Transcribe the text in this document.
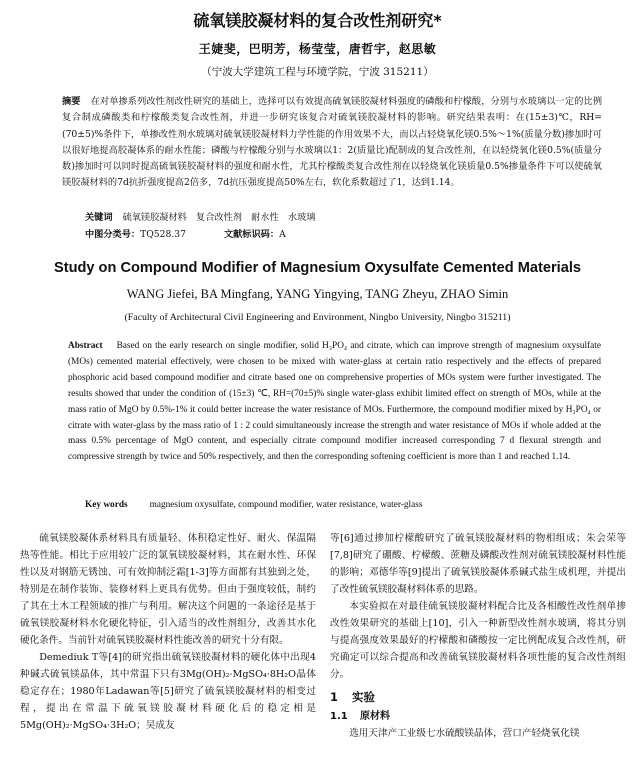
硫氧镁胶凝材料的复合改性剂研究*
王婕斐，巴明芳，杨莹莹，唐哲宇，赵思敏
（宁波大学建筑工程与环境学院，宁波 315211）
摘要 在对单掺系列改性剂改性研究的基础上，选择可以有效提高硫氧镁胶凝材料强度的磷酸和柠檬酸，分别与水玻璃以一定的比例复合制成磷酸类和柠檬酸类复合改性剂，并进一步研究该复合对硫氧镁胶凝材料的影响。研究结果表明：在(15±3)℃，RH=(70±5)%条件下，单掺改性剂水玻璃对硫氧镁胶凝材料力学性能的作用效果不大，而以占轻烧氧化镁0.5%～1%(质量分数)掺加时可以很好地提高胶凝体系的耐水性能；磷酸与柠檬酸分别与水玻璃以1：2(质量比)配制成的复合改性剂，在以轻烧氧化镁0.5%(质量分数)掺加时可以同时提高硫氧镁胶凝材料的强度和耐水性，尤其柠檬酸类复合改性剂在以轻烧氧化镁质量0.5%掺量条件下可以使硫氧镁胶凝材料的7d抗折强度提高2倍多，7d抗压强度提高50%左右，软化系数超过了1，达到1.14。
关键词 硫氧镁胶凝材料　复合改性剂　耐水性　水玻璃
中图分类号：TQ528.37	文献标识码：A
Study on Compound Modifier of Magnesium Oxysulfate Cemented Materials
WANG Jiefei, BA Mingfang, YANG Yingying, TANG Zheyu, ZHAO Simin
(Faculty of Architectural Civil Engineering and Environment, Ningbo University, Ningbo 315211)
Abstract Based on the early research on single modifier, solid H₃PO₄ and citrate, which can improve strength of magnesium oxysulfate (MOs) cemented material effectively, were chosen to be mixed with water-glass at certain ratio respectively and the effects of prepared phosphoric acid based compound modifier and citrate based one on comprehensive properties of MOs system were further investigated. The results showed that under the condition of (15±3) ℃, RH=(70±5)% single water-glass exhibit limited effect on strength of MOs, while at the mass ratio of MgO by 0.5%-1% it could better increase the water resistance of MOs. Furthermore, the compound modifier mixed by H₃PO₄ or citrate with water-glass by the mass ratio of 1 : 2 could simultaneously increase the strength and water resistance of MOs if whole added at the mass 0.5% percentage of MgO content, and especially citrate compound modifier increased corresponding 7 d flexural strength and compressive strength by twice and 50% respectively, and then the corresponding softening coefficient is more than 1 and reached 1.14.
Key words magnesium oxysulfate, compound modifier, water resistance, water-glass

硫氧镁胶凝体系材料具有质量轻、体积稳定性好、耐火、保温隔热等性能。相比于应用较广泛的氯氧镁胶凝材料，其在耐水性、环保性以及对钢筋无锈蚀、可有效抑制泛霜[1-3]等方面都有其独到之处，特别是在制作装饰、装修材料上更具有优势。但由于强度较低，制约了其在土木工程领域的推广与利用。解决这个问题的一条途径是基于硫氧镁胶凝材料水化硬化特征，引入适当的改性剂组分，改善其水化硬化条件。当前针对硫氧镁胶凝材料性能改善的研究十分有限。

Demediuk T等[4]的研究指出硫氧镁胶凝材料的硬化体中出现4种碱式硫氧镁晶体，其中常温下只有3Mg(OH)₂·MgSO₄·8H₂O晶体稳定存在；1980年Ladawan等[5]研究了硫氧镁胶凝材料的相变过程，提出在常温下硫氧镁胶凝材料硬化后的稳定相是5Mg(OH)₂·MgSO₄·3H₂O；吴成友

等[6]通过掺加柠檬酸研究了硫氧镁胶凝材料的物相组成；朱会荣等[7,8]研究了硼酸、柠檬酸、蔗糖及磷酸改性剂对硫氧镁胶凝材料性能的影响；邓德华等[9]提出了硫氧镁胶凝体系碱式盐生成机理，并提出了改性硫氧镁胶凝材料体系的思路。

本实验拟在对最佳硫氧镁胶凝材料配合比及各相酸性改性剂单掺改性效果研究的基础上[10]，引入一种新型改性剂水玻璃，将其分别与提高强度效果最好的柠檬酸和磷酸按一定比例配成复合改性剂，研究确定可以综合提高和改善硫氧镁胶凝材料各项性能的复合改性剂组分。

1 实验

1.1 原材料

选用天津产工业级七水硫酸镁晶体，营口产轻烧氧化镁
